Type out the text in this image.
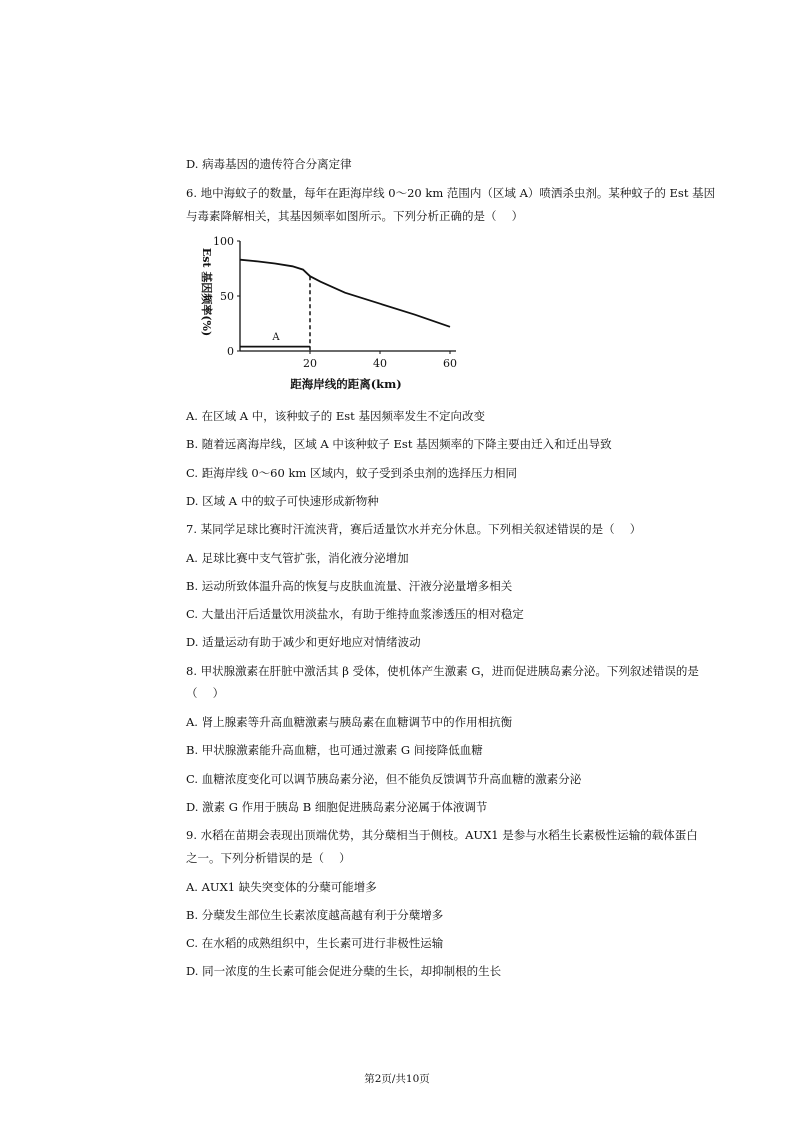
D. 病毒基因的遗传符合分离定律
6. 地中海蚊子的数量，每年在距海岸线 0～20 km 范围内（区域 A）喷洒杀虫剂。某种蚊子的 Est 基因
与毒素降解相关，其基因频率如图所示。下列分析正确的是（　 ）
0
50
100
20	40	60
Est 基因频率(%)
距海岸线的距离(km)
A
A. 在区域 A 中，该种蚊子的 Est 基因频率发生不定向改变
B. 随着远离海岸线，区域 A 中该种蚊子 Est 基因频率的下降主要由迁入和迁出导致
C. 距海岸线 0～60 km 区域内，蚊子受到杀虫剂的选择压力相同
D. 区域 A 中的蚊子可快速形成新物种
7. 某同学足球比赛时汗流浃背，赛后适量饮水并充分休息。下列相关叙述错误的是（　 ）
A. 足球比赛中支气管扩张，消化液分泌增加
B. 运动所致体温升高的恢复与皮肤血流量、汗液分泌量增多相关
C. 大量出汗后适量饮用淡盐水，有助于维持血浆渗透压的相对稳定
D. 适量运动有助于减少和更好地应对情绪波动
8. 甲状腺激素在肝脏中激活其 β 受体，使机体产生激素 G，进而促进胰岛素分泌。下列叙述错误的是
（　 ）
A. 肾上腺素等升高血糖激素与胰岛素在血糖调节中的作用相抗衡
B. 甲状腺激素能升高血糖，也可通过激素 G 间接降低血糖
C. 血糖浓度变化可以调节胰岛素分泌，但不能负反馈调节升高血糖的激素分泌
D. 激素 G 作用于胰岛 B 细胞促进胰岛素分泌属于体液调节
9. 水稻在苗期会表现出顶端优势，其分蘖相当于侧枝。AUX1 是参与水稻生长素极性运输的载体蛋白
之一。下列分析错误的是（　 ）
A. AUX1 缺失突变体的分蘖可能增多
B. 分蘖发生部位生长素浓度越高越有利于分蘖增多
C. 在水稻的成熟组织中，生长素可进行非极性运输
D. 同一浓度的生长素可能会促进分蘖的生长，却抑制根的生长
第2页/共10页
